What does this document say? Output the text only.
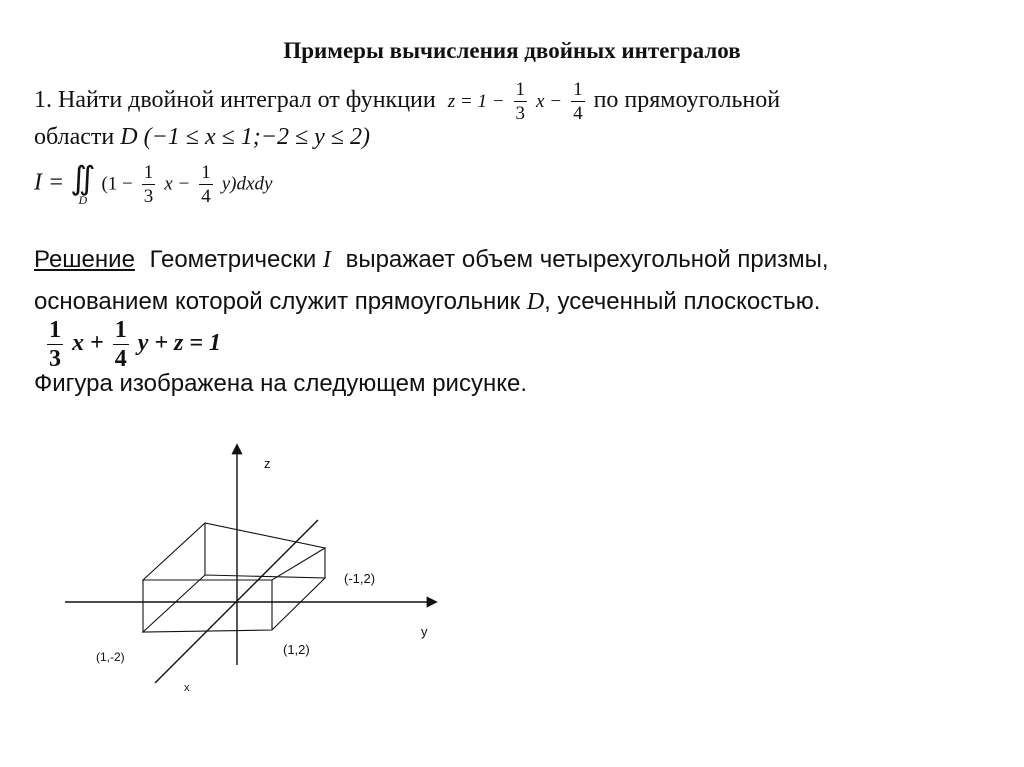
Примеры вычисления двойных интегралов
1. Найти двойной интеграл от функции $z = 1 - \frac{1}{3}$ $x - \frac{1}{4}$ по прямоугольной
области D (−1 ≤ x ≤ 1;−2 ≤ y ≤ 2)
I = ∬
D
($1 - \frac{1}{3}$ $x - \frac{1}{4}$ y)dxdy
Решение Геометрически I выражает объем четырехугольной призмы,
основанием которой служит прямоугольник D, усеченный плоскостью.
$\frac{1}{3}$ $x + \frac{1}{4}$ y + z = 1
Фигура изображена на следующем рисунке.
z
y
x
(-1,2)
(1,2)
(1,-2)
